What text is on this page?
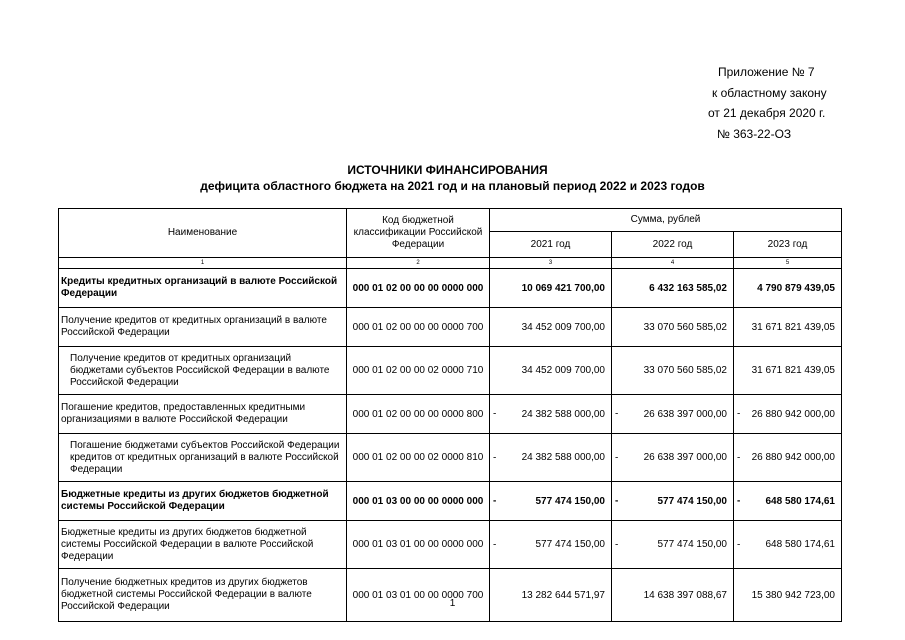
Приложение № 7
к областному закону
от 21 декабря 2020 г.
№ 363-22-ОЗ
ИСТОЧНИКИ ФИНАНСИРОВАНИЯ
дефицита областного бюджета на 2021 год и на плановый период 2022 и 2023 годов
Наименование	Код бюджетной классификации Российской Федерации	Сумма, рублей		
		2021 год	2022 год	2023 год
1	2	3	4	5
Кредиты кредитных организаций в валюте Российской Федерации	000 01 02 00 00 00 0000 000	10 069 421 700,00	6 432 163 585,02	4 790 879 439,05
Получение кредитов от кредитных организаций в валюте Российской Федерации	000 01 02 00 00 00 0000 700	34 452 009 700,00	33 070 560 585,02	31 671 821 439,05
Получение кредитов от кредитных организаций бюджетами субъектов Российской Федерации в валюте Российской Федерации	000 01 02 00 00 02 0000 710	34 452 009 700,00	33 070 560 585,02	31 671 821 439,05
Погашение кредитов, предоставленных кредитными организациями в валюте Российской Федерации	000 01 02 00 00 00 0000 800	- 24 382 588 000,00	- 26 638 397 000,00	- 26 880 942 000,00
Погашение бюджетами субъектов Российской Федерации кредитов от кредитных организаций в валюте Российской Федерации	000 01 02 00 00 02 0000 810	- 24 382 588 000,00	- 26 638 397 000,00	- 26 880 942 000,00
Бюджетные кредиты из других бюджетов бюджетной системы Российской Федерации	000 01 03 00 00 00 0000 000	- 577 474 150,00	- 577 474 150,00	- 648 580 174,61
Бюджетные кредиты из других бюджетов бюджетной системы Российской Федерации в валюте Российской Федерации	000 01 03 01 00 00 0000 000	- 577 474 150,00	- 577 474 150,00	- 648 580 174,61
Получение бюджетных кредитов из других бюджетов бюджетной системы Российской Федерации в валюте Российской Федерации	000 01 03 01 00 00 0000 700	13 282 644 571,97	14 638 397 088,67	15 380 942 723,00
1
